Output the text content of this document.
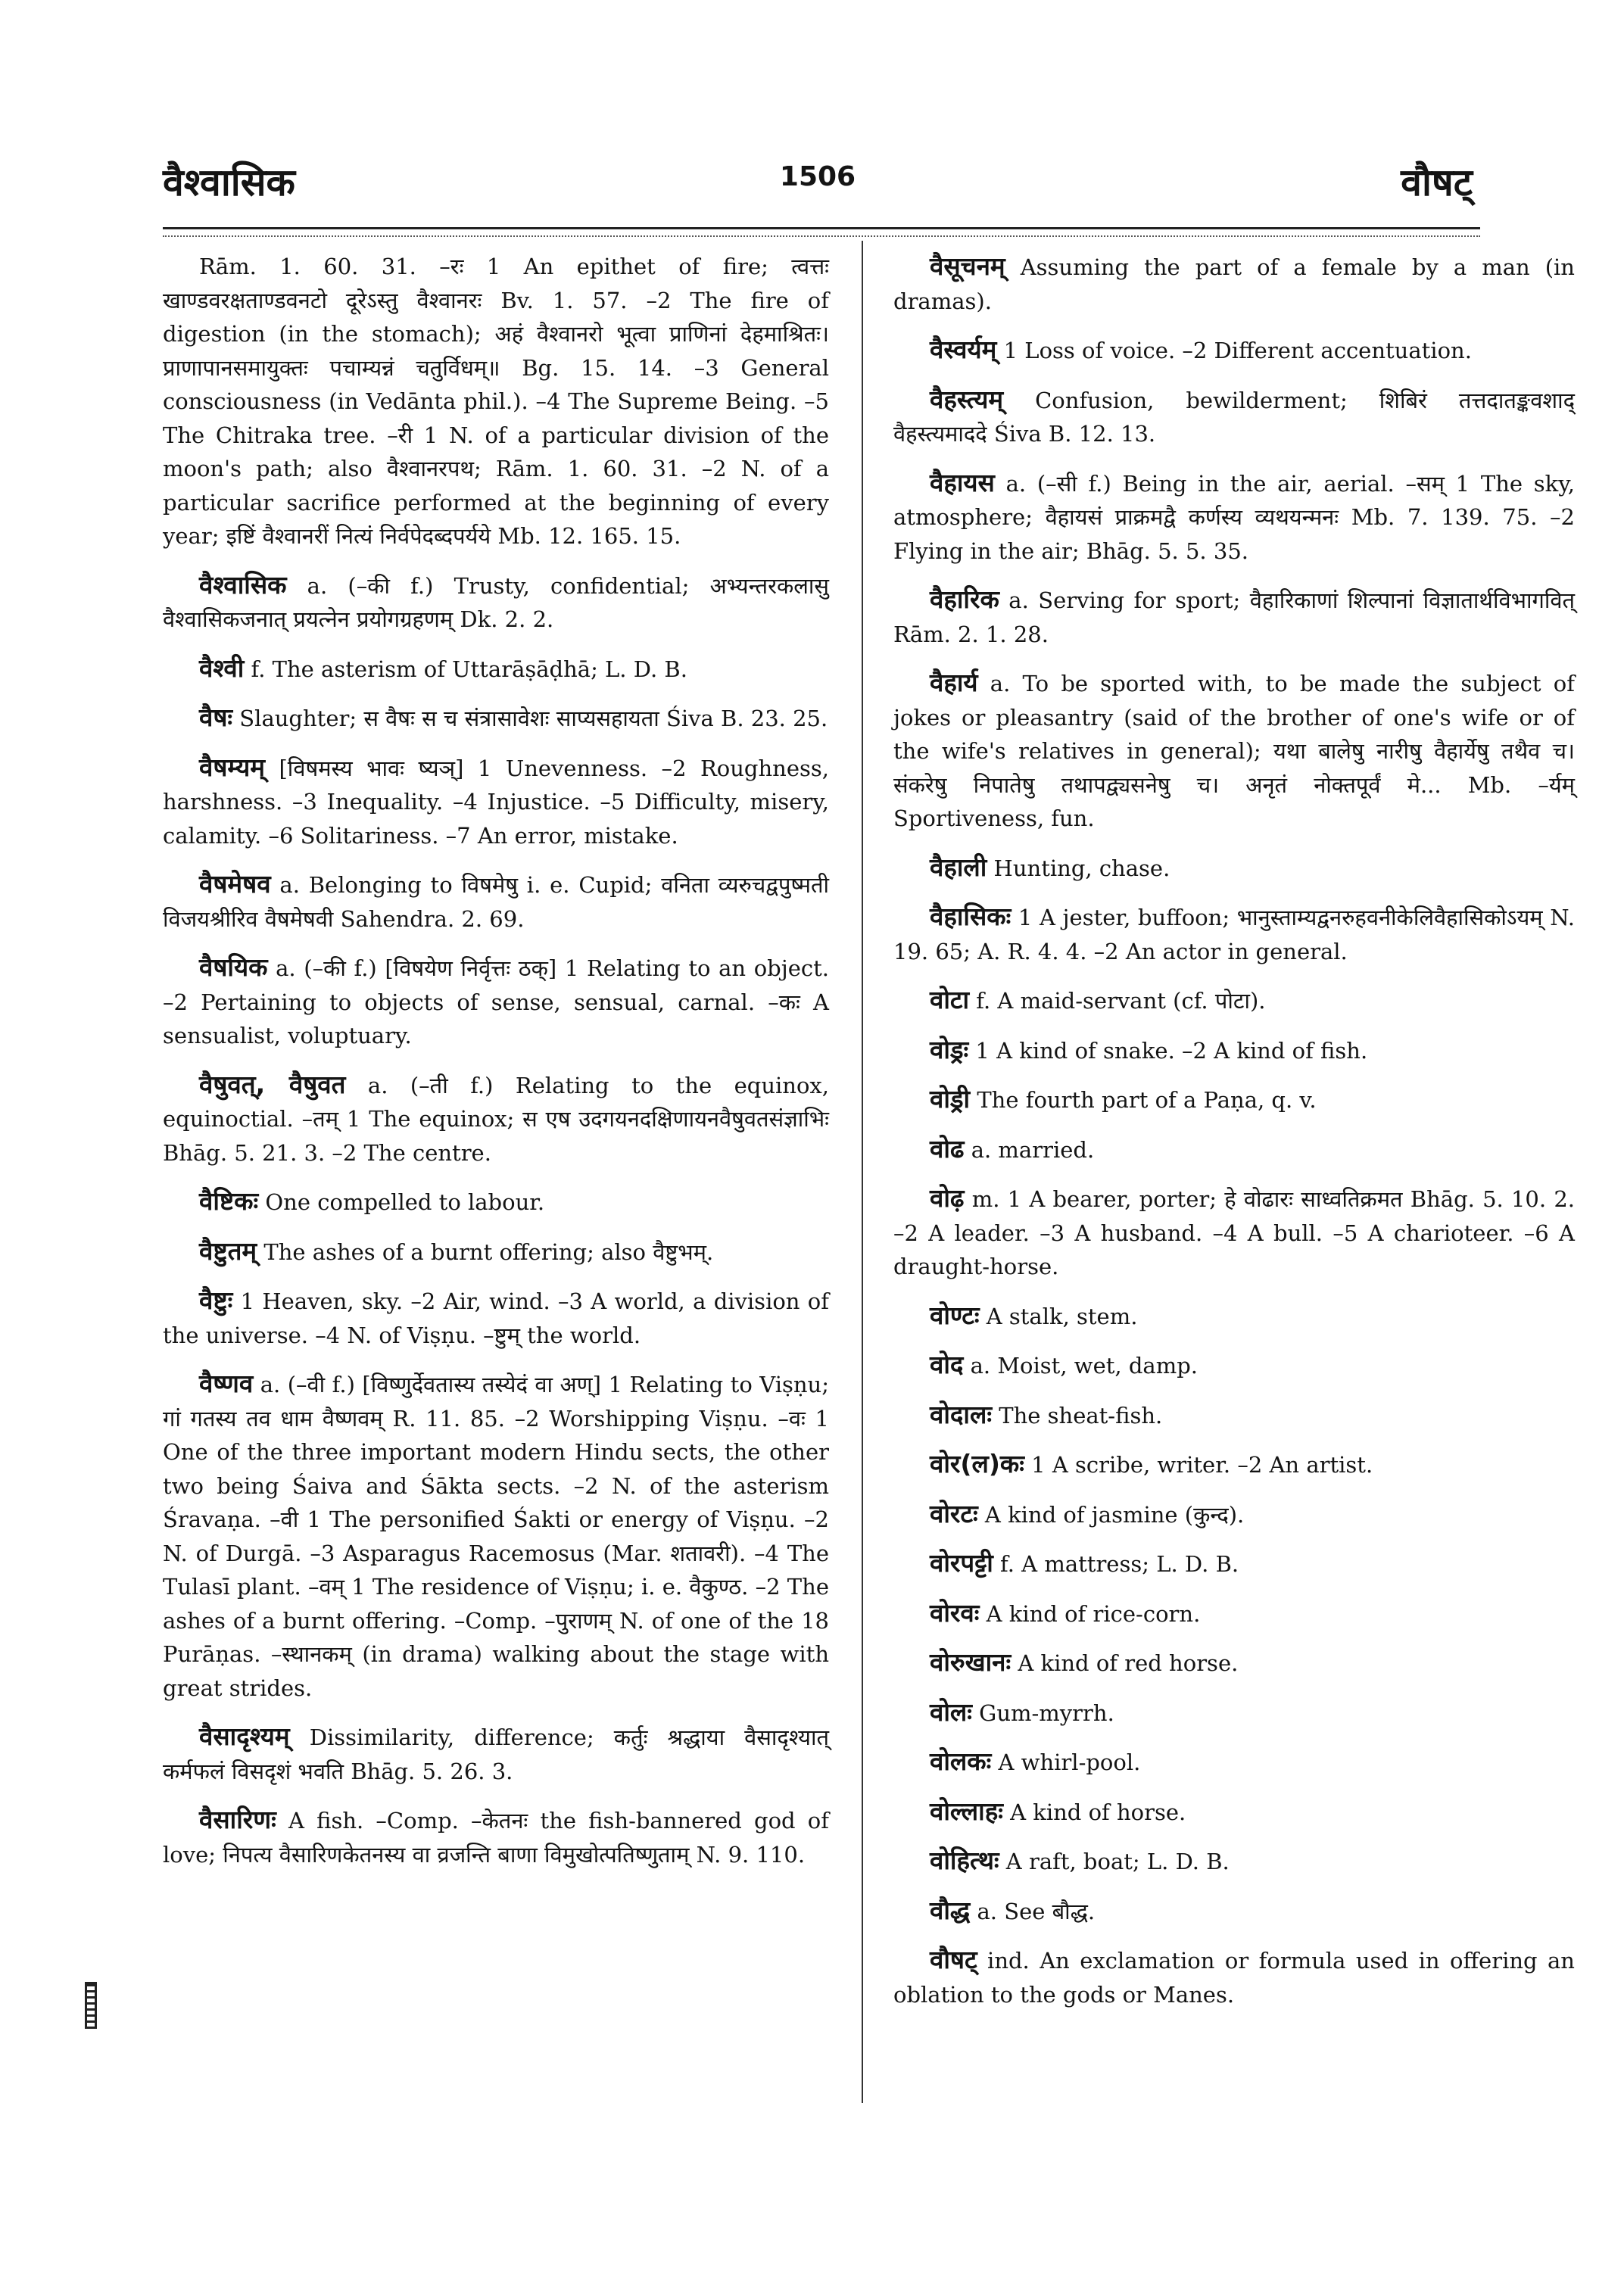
वैश्वासिक	1506	वौषट्

Rām. 1. 60. 31. –रः 1 An epithet of fire; त्वत्तः खाण्डवरक्षताण्डवनटो दूरेऽस्तु वैश्वानरः Bv. 1. 57. –2 The fire of digestion (in the stomach); अहं वैश्वानरो भूत्वा प्राणिनां देहमाश्रितः। प्राणापानसमायुक्तः पचाम्यन्नं चतुर्विधम्॥ Bg. 15. 14. –3 General consciousness (in Vedānta phil.). –4 The Supreme Being. –5 The Chitraka tree. –री 1 N. of a particular division of the moon's path; also वैश्वानरपथ; Rām. 1. 60. 31. –2 N. of a particular sacrifice performed at the beginning of every year; इष्टिं वैश्वानरीं नित्यं निर्वपेदब्दपर्यये Mb. 12. 165. 15.

वैश्वासिक a. (–की f.) Trusty, confidential; अभ्यन्तरकलासु वैश्वासिकजनात् प्रयत्नेन प्रयोगग्रहणम् Dk. 2. 2.

वैश्वी f. The asterism of Uttarāṣāḍhā; L. D. B.

वैषः Slaughter; स वैषः स च संत्रासावेशः साप्यसहायता Śiva B. 23. 25.

वैषम्यम् [विषमस्य भावः ष्यञ्] 1 Unevenness. –2 Roughness, harshness. –3 Inequality. –4 Injustice. –5 Difficulty, misery, calamity. –6 Solitariness. –7 An error, mistake.

वैषमेषव a. Belonging to विषमेषु i. e. Cupid; वनिता व्यरुचद्वपुष्मती विजयश्रीरिव वैषमेषवी Sahendra. 2. 69.

वैषयिक a. (–की f.) [विषयेण निर्वृत्तः ठक्] 1 Relating to an object. –2 Pertaining to objects of sense, sensual, carnal. –कः A sensualist, voluptuary.

वैषुवत्, वैषुवत a. (–ती f.) Relating to the equinox, equinoctial. –तम् 1 The equinox; स एष उदगयनदक्षिणायनवैषुवतसंज्ञाभिः Bhāg. 5. 21. 3. –2 The centre.

वैष्टिकः One compelled to labour.

वैष्टुतम् The ashes of a burnt offering; also वैष्टुभम्.

वैष्टुः 1 Heaven, sky. –2 Air, wind. –3 A world, a division of the universe. –4 N. of Viṣṇu. –ष्टुम् the world.

वैष्णव a. (–वी f.) [विष्णुर्देवतास्य तस्येदं वा अण्] 1 Relating to Viṣṇu; गां गतस्य तव धाम वैष्णवम् R. 11. 85. –2 Worshipping Viṣṇu. –वः 1 One of the three important modern Hindu sects, the other two being Śaiva and Śākta sects. –2 N. of the asterism Śravaṇa. –वी 1 The personified Śakti or energy of Viṣṇu. –2 N. of Durgā. –3 Asparagus Racemosus (Mar. शतावरी). –4 The Tulasī plant. –वम् 1 The residence of Viṣṇu; i. e. वैकुण्ठ. –2 The ashes of a burnt offering. –Comp. –पुराणम् N. of one of the 18 Purāṇas. –स्थानकम् (in drama) walking about the stage with great strides.

वैसादृश्यम् Dissimilarity, difference; कर्तुः श्रद्धाया वैसादृश्यात् कर्मफलं विसदृशं भवति Bhāg. 5. 26. 3.

वैसारिणः A fish. –Comp. –केतनः the fish-bannered god of love; निपत्य वैसारिणकेतनस्य वा व्रजन्ति बाणा विमुखोत्पतिष्णुताम् N. 9. 110.

वैसूचनम् Assuming the part of a female by a man (in dramas).

वैस्वर्यम् 1 Loss of voice. –2 Different accentuation.

वैहस्त्यम् Confusion, bewilderment; शिबिरं तत्तदातङ्कवशाद् वैहस्त्यमाददे Śiva B. 12. 13.

वैहायस a. (–सी f.) Being in the air, aerial. –सम् 1 The sky, atmosphere; वैहायसं प्राक्रमद्वै कर्णस्य व्यथयन्मनः Mb. 7. 139. 75. –2 Flying in the air; Bhāg. 5. 5. 35.

वैहारिक a. Serving for sport; वैहारिकाणां शिल्पानां विज्ञातार्थविभागवित् Rām. 2. 1. 28.

वैहार्य a. To be sported with, to be made the subject of jokes or pleasantry (said of the brother of one's wife or of the wife's relatives in general); यथा बालेषु नारीषु वैहार्येषु तथैव च। संकरेषु निपातेषु तथापद्व्यसनेषु च। अनृतं नोक्तपूर्वं मे... Mb. –र्यम् Sportiveness, fun.

वैहाली Hunting, chase.

वैहासिकः 1 A jester, buffoon; भानुस्ताम्यद्वनरुहवनीकेलिवैहासिकोऽयम् N. 19. 65; A. R. 4. 4. –2 An actor in general.

वोटा f. A maid-servant (cf. पोटा).

वोड्रः 1 A kind of snake. –2 A kind of fish.

वोड्री The fourth part of a Paṇa, q. v.

वोढ a. married.

वोढ़ m. 1 A bearer, porter; हे वोढारः साध्वतिक्रमत Bhāg. 5. 10. 2. –2 A leader. –3 A husband. –4 A bull. –5 A charioteer. –6 A draught-horse.

वोण्टः A stalk, stem.

वोद a. Moist, wet, damp.

वोदालः The sheat-fish.

वोर(ल)कः 1 A scribe, writer. –2 An artist.

वोरटः A kind of jasmine (कुन्द).

वोरपट्टी f. A mattress; L. D. B.

वोरवः A kind of rice-corn.

वोरुखानः A kind of red horse.

वोलः Gum-myrrh.

वोलकः A whirl-pool.

वोल्लाहः A kind of horse.

वोहित्थः A raft, boat; L. D. B.

वौद्ध a. See बौद्ध.

वौषट् ind. An exclamation or formula used in offering an oblation to the gods or Manes.
